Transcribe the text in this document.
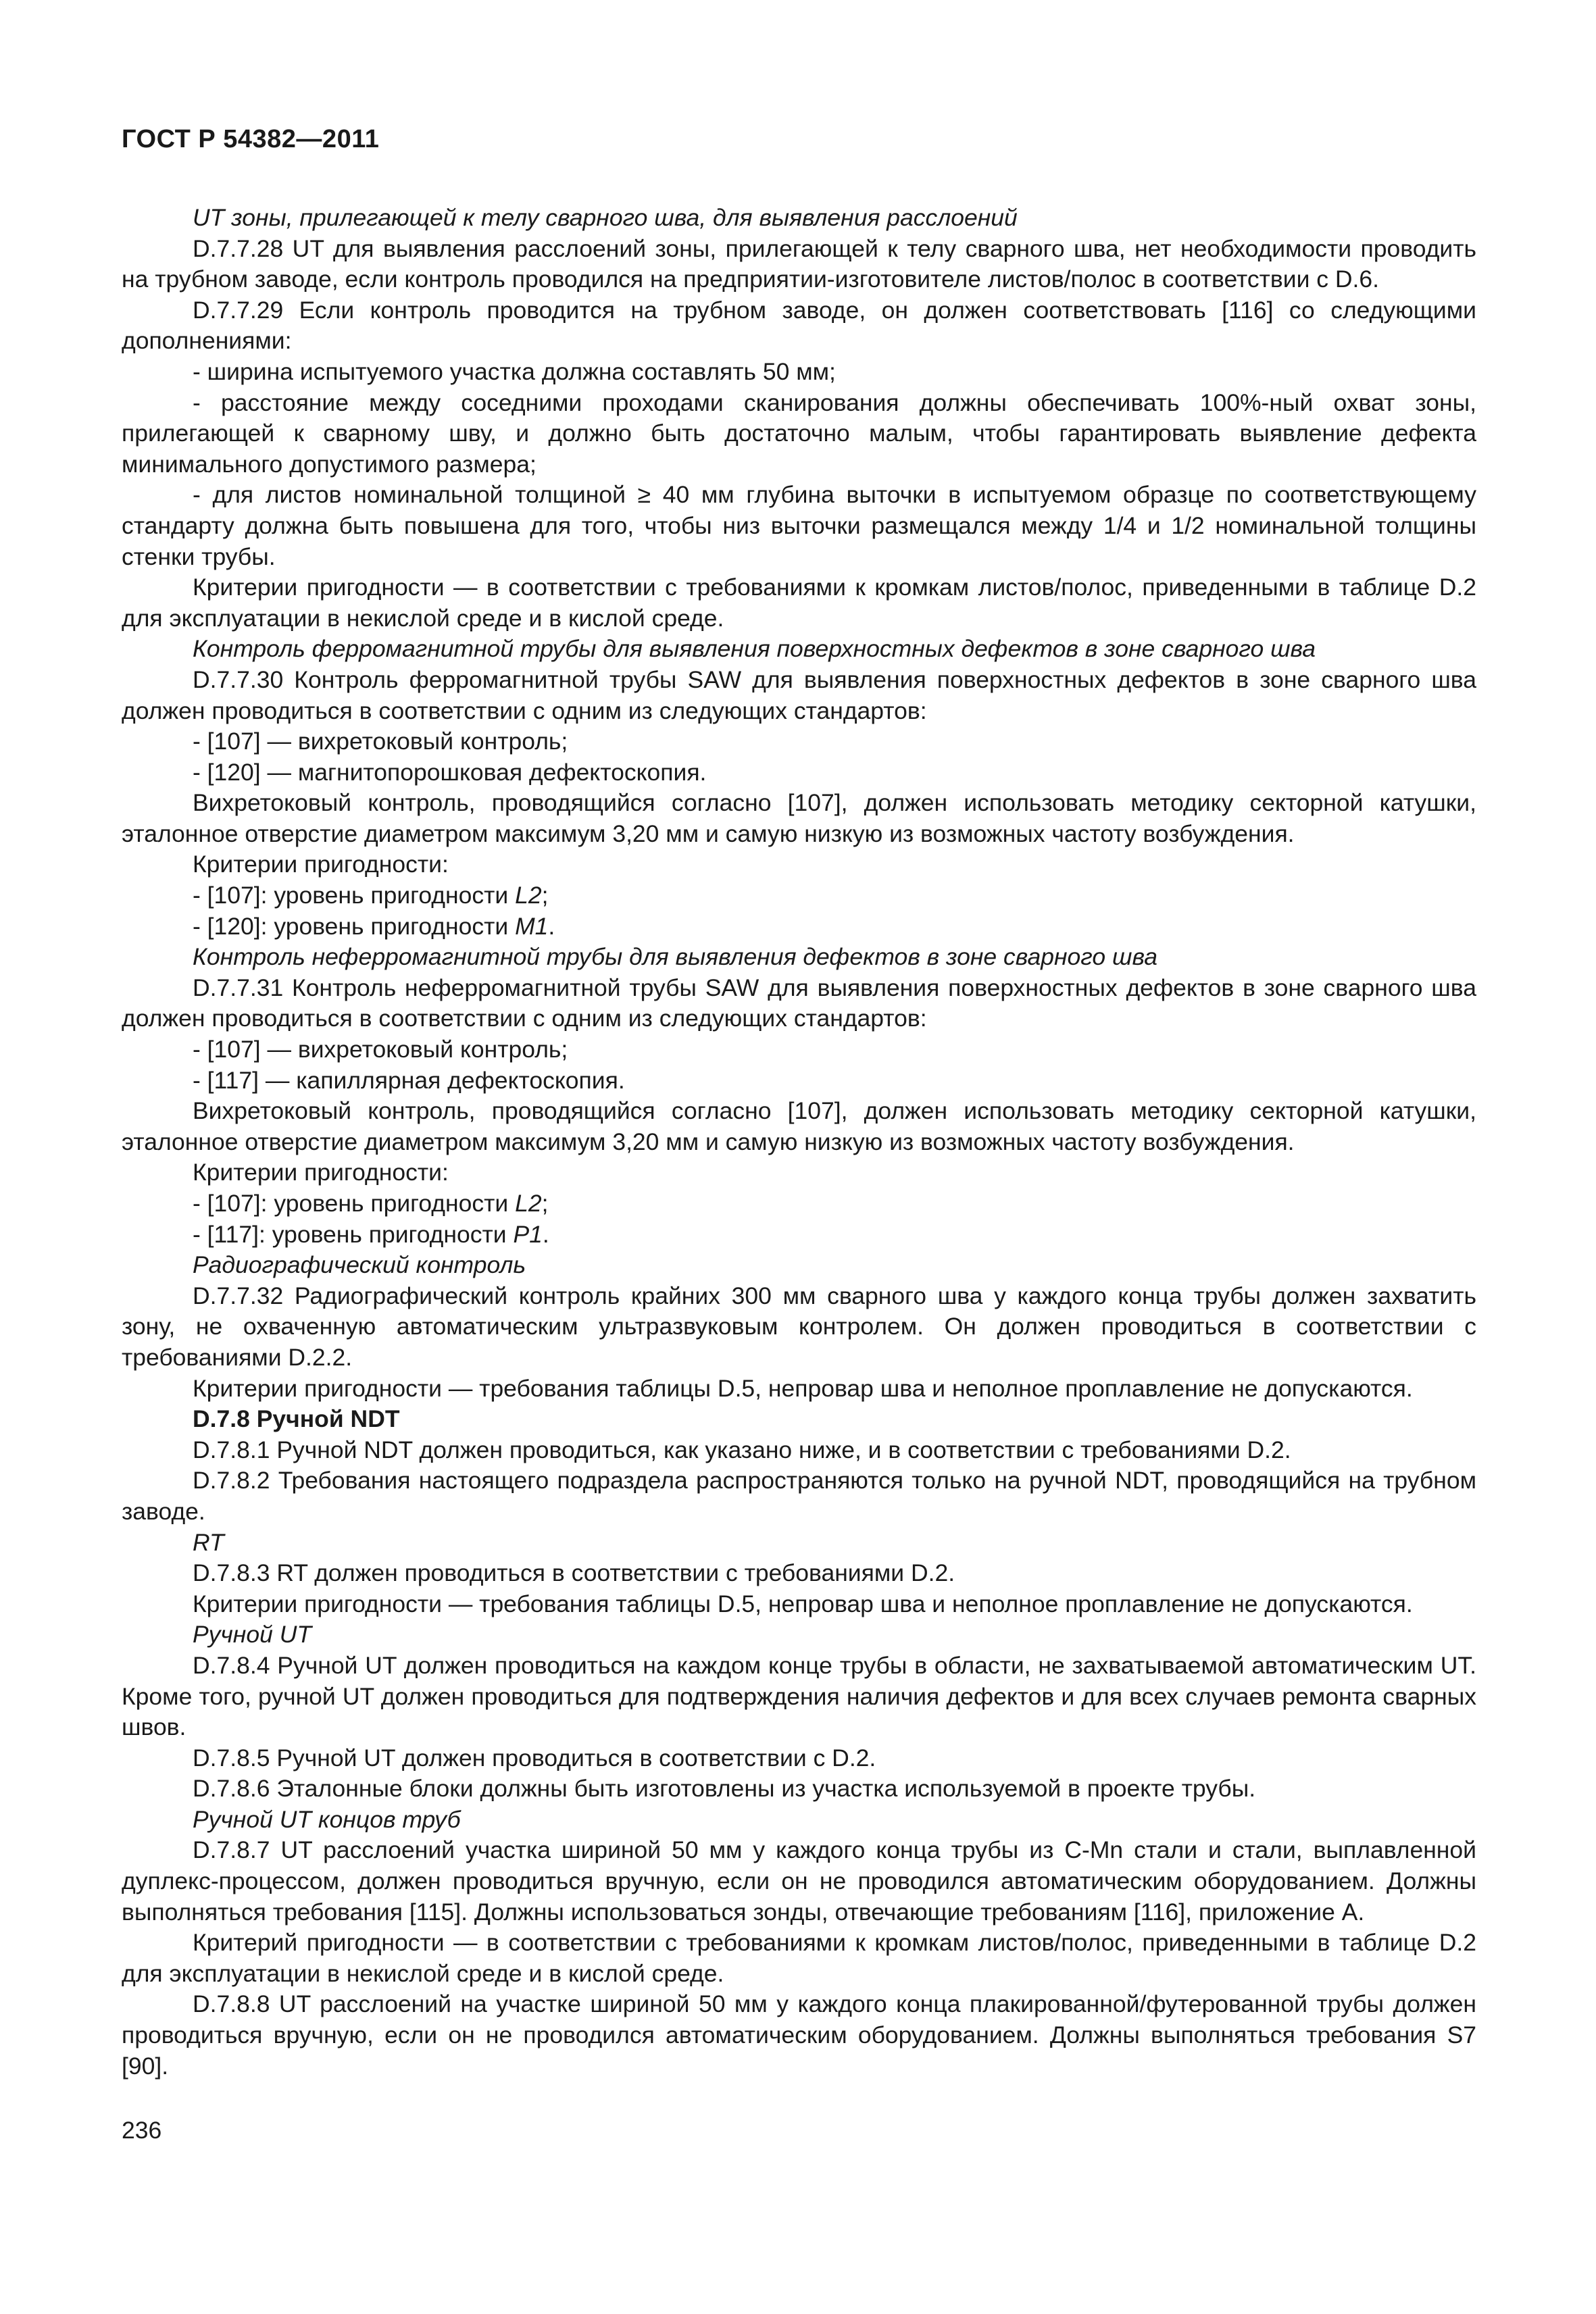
ГОСТ Р 54382—2011

UT зоны, прилегающей к телу сварного шва, для выявления расслоений

D.7.7.28 UT для выявления расслоений зоны, прилегающей к телу сварного шва, нет необходимости проводить на трубном заводе, если контроль проводился на предприятии-изготовителе листов/полос в соответствии с D.6.

D.7.7.29 Если контроль проводится на трубном заводе, он должен соответствовать [116] со следующими дополнениями:

- ширина испытуемого участка должна составлять 50 мм;

- расстояние между соседними проходами сканирования должны обеспечивать 100%-ный охват зоны, прилегающей к сварному шву, и должно быть достаточно малым, чтобы гарантировать выявление дефекта минимального допустимого размера;

- для листов номинальной толщиной ≥ 40 мм глубина выточки в испытуемом образце по соответствующему стандарту должна быть повышена для того, чтобы низ выточки размещался между 1/4 и 1/2 номинальной толщины стенки трубы.

Критерии пригодности — в соответствии с требованиями к кромкам листов/полос, приведенными в таблице D.2 для эксплуатации в некислой среде и в кислой среде.

Контроль ферромагнитной трубы для выявления поверхностных дефектов в зоне сварного шва

D.7.7.30 Контроль ферромагнитной трубы SAW для выявления поверхностных дефектов в зоне сварного шва должен проводиться в соответствии с одним из следующих стандартов:

- [107] — вихретоковый контроль;

- [120] — магнитопорошковая дефектоскопия.

Вихретоковый контроль, проводящийся согласно [107], должен использовать методику секторной катушки, эталонное отверстие диаметром максимум 3,20 мм и самую низкую из возможных частоту возбуждения.

Критерии пригодности:

- [107]: уровень пригодности L2;

- [120]: уровень пригодности M1.

Контроль неферромагнитной трубы для выявления дефектов в зоне сварного шва

D.7.7.31 Контроль неферромагнитной трубы SAW для выявления поверхностных дефектов в зоне сварного шва должен проводиться в соответствии с одним из следующих стандартов:

- [107] — вихретоковый контроль;

- [117] — капиллярная дефектоскопия.

Вихретоковый контроль, проводящийся согласно [107], должен использовать методику секторной катушки, эталонное отверстие диаметром максимум 3,20 мм и самую низкую из возможных частоту возбуждения.

Критерии пригодности:

- [107]: уровень пригодности L2;

- [117]: уровень пригодности P1.

Радиографический контроль

D.7.7.32 Радиографический контроль крайних 300 мм сварного шва у каждого конца трубы должен захватить зону, не охваченную автоматическим ультразвуковым контролем. Он должен проводиться в соответствии с требованиями D.2.2.

Критерии пригодности — требования таблицы D.5, непровар шва и неполное проплавление не допускаются.

D.7.8 Ручной NDT

D.7.8.1 Ручной NDT должен проводиться, как указано ниже, и в соответствии с требованиями D.2.

D.7.8.2 Требования настоящего подраздела распространяются только на ручной NDT, проводящийся на трубном заводе.

RT

D.7.8.3 RT должен проводиться в соответствии с требованиями D.2.

Критерии пригодности — требования таблицы D.5, непровар шва и неполное проплавление не допускаются.

Ручной UT

D.7.8.4 Ручной UT должен проводиться на каждом конце трубы в области, не захватываемой автоматическим UT. Кроме того, ручной UT должен проводиться для подтверждения наличия дефектов и для всех случаев ремонта сварных швов.

D.7.8.5 Ручной UT должен проводиться в соответствии с D.2.

D.7.8.6 Эталонные блоки должны быть изготовлены из участка используемой в проекте трубы.

Ручной UT концов труб

D.7.8.7 UT расслоений участка шириной 50 мм у каждого конца трубы из C-Mn стали и стали, выплавленной дуплекс-процессом, должен проводиться вручную, если он не проводился автоматическим оборудованием. Должны выполняться требования [115]. Должны использоваться зонды, отвечающие требованиям [116], приложение А.

Критерий пригодности — в соответствии с требованиями к кромкам листов/полос, приведенными в таблице D.2 для эксплуатации в некислой среде и в кислой среде.

D.7.8.8 UT расслоений на участке шириной 50 мм у каждого конца плакированной/футерованной трубы должен проводиться вручную, если он не проводился автоматическим оборудованием. Должны выполняться требования S7 [90].

236
